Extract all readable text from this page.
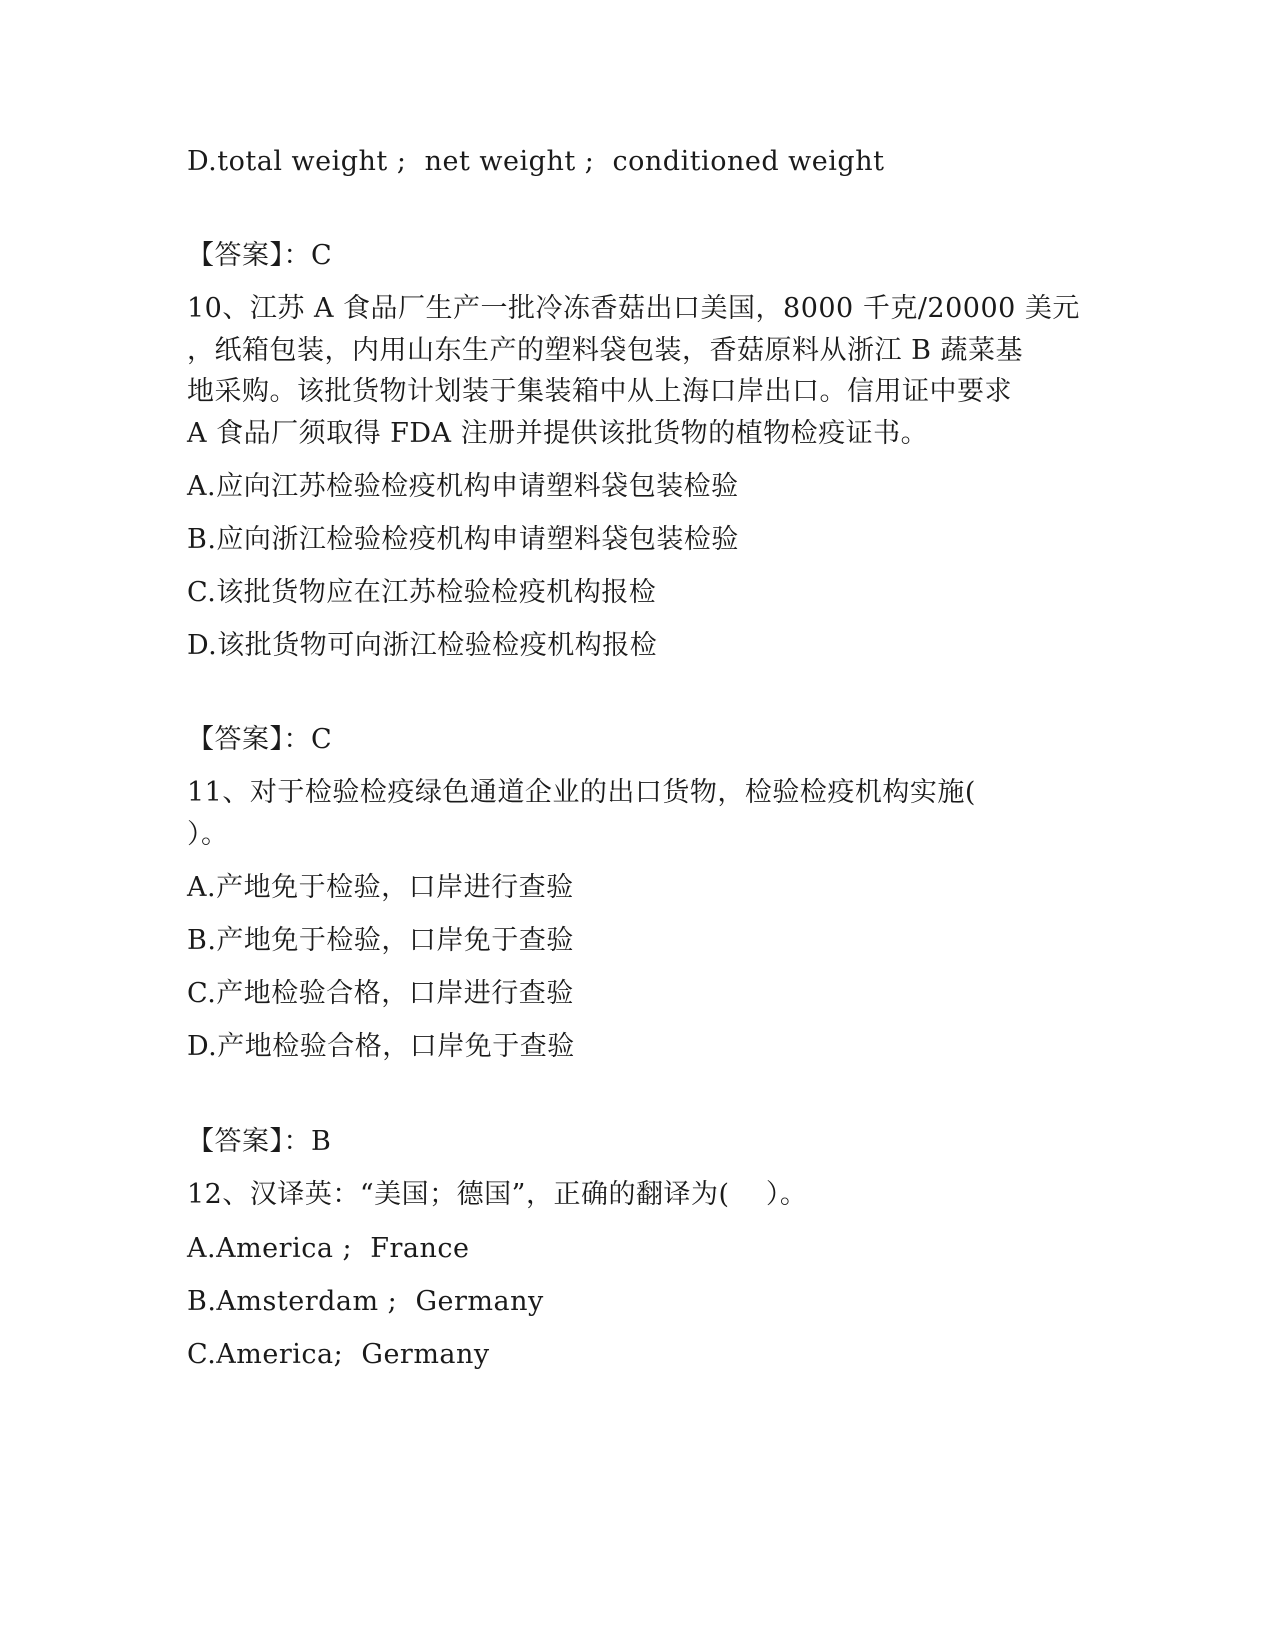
D.total weight ;  net weight ;  conditioned weight
【答案】：C
10、江苏 A 食品厂生产一批冷冻香菇出口美国，8000 千克/20000 美元
，纸箱包装，内用山东生产的塑料袋包装，香菇原料从浙江 B 蔬菜基
地采购。该批货物计划装于集装箱中从上海口岸出口。信用证中要求
A 食品厂须取得 FDA 注册并提供该批货物的植物检疫证书。
A.应向江苏检验检疫机构申请塑料袋包装检验
B.应向浙江检验检疫机构申请塑料袋包装检验
C.该批货物应在江苏检验检疫机构报检
D.该批货物可向浙江检验检疫机构报检
【答案】：C
11、对于检验检疫绿色通道企业的出口货物，检验检疫机构实施(
）。
A.产地免于检验，口岸进行查验
B.产地免于检验，口岸免于查验
C.产地检验合格，口岸进行查验
D.产地检验合格，口岸免于查验
【答案】：B
12、汉译英：“美国；德国”，正确的翻译为(    ）。
A.America ;  France
B.Amsterdam ;  Germany
C.America;  Germany
